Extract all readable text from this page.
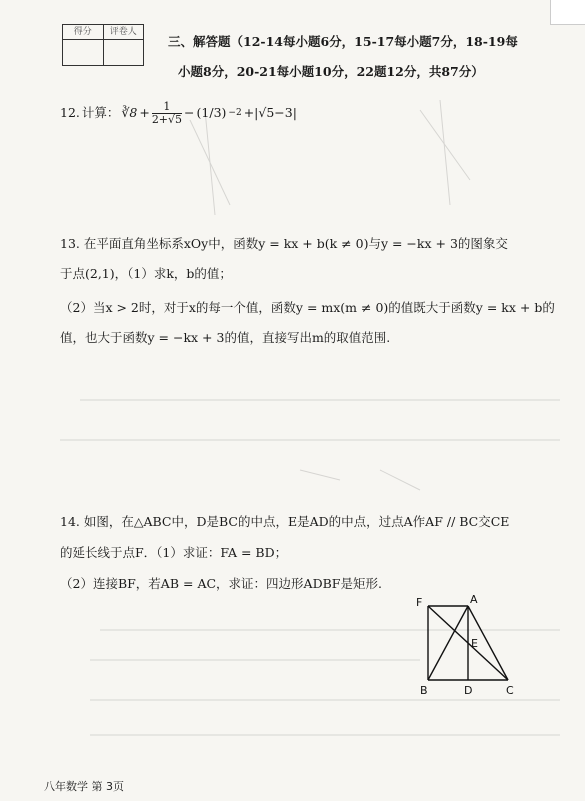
得分	评卷人
三、解答题（12-14每小题6分，15-17每小题7分，18-19每
小题8分，20-21每小题10分，22题12分，共87分）
12. 计算： ∛8 + $\frac{1}{2+√5} - (1/3) -2 +|√5-3|$
13. 在平面直角坐标系xOy中，函数y = kx + b(k ≠ 0)与y = −kx + 3的图象交
于点(2,1)，（1）求k，b的值；
（2）当x > 2时，对于x的每一个值，函数y = mx(m ≠ 0)的值既大于函数y = kx + b的
值，也大于函数y = −kx + 3的值，直接写出m的取值范围.
14. 如图，在△ABC中，D是BC的中点，E是AD的中点，过点A作AF // BC交CE
的延长线于点F．（1）求证：FA = BD；
（2）连接BF，若AB = AC，求证：四边形ADBF是矩形.
F	A
E
B	D	C
八年数学 第 3页
